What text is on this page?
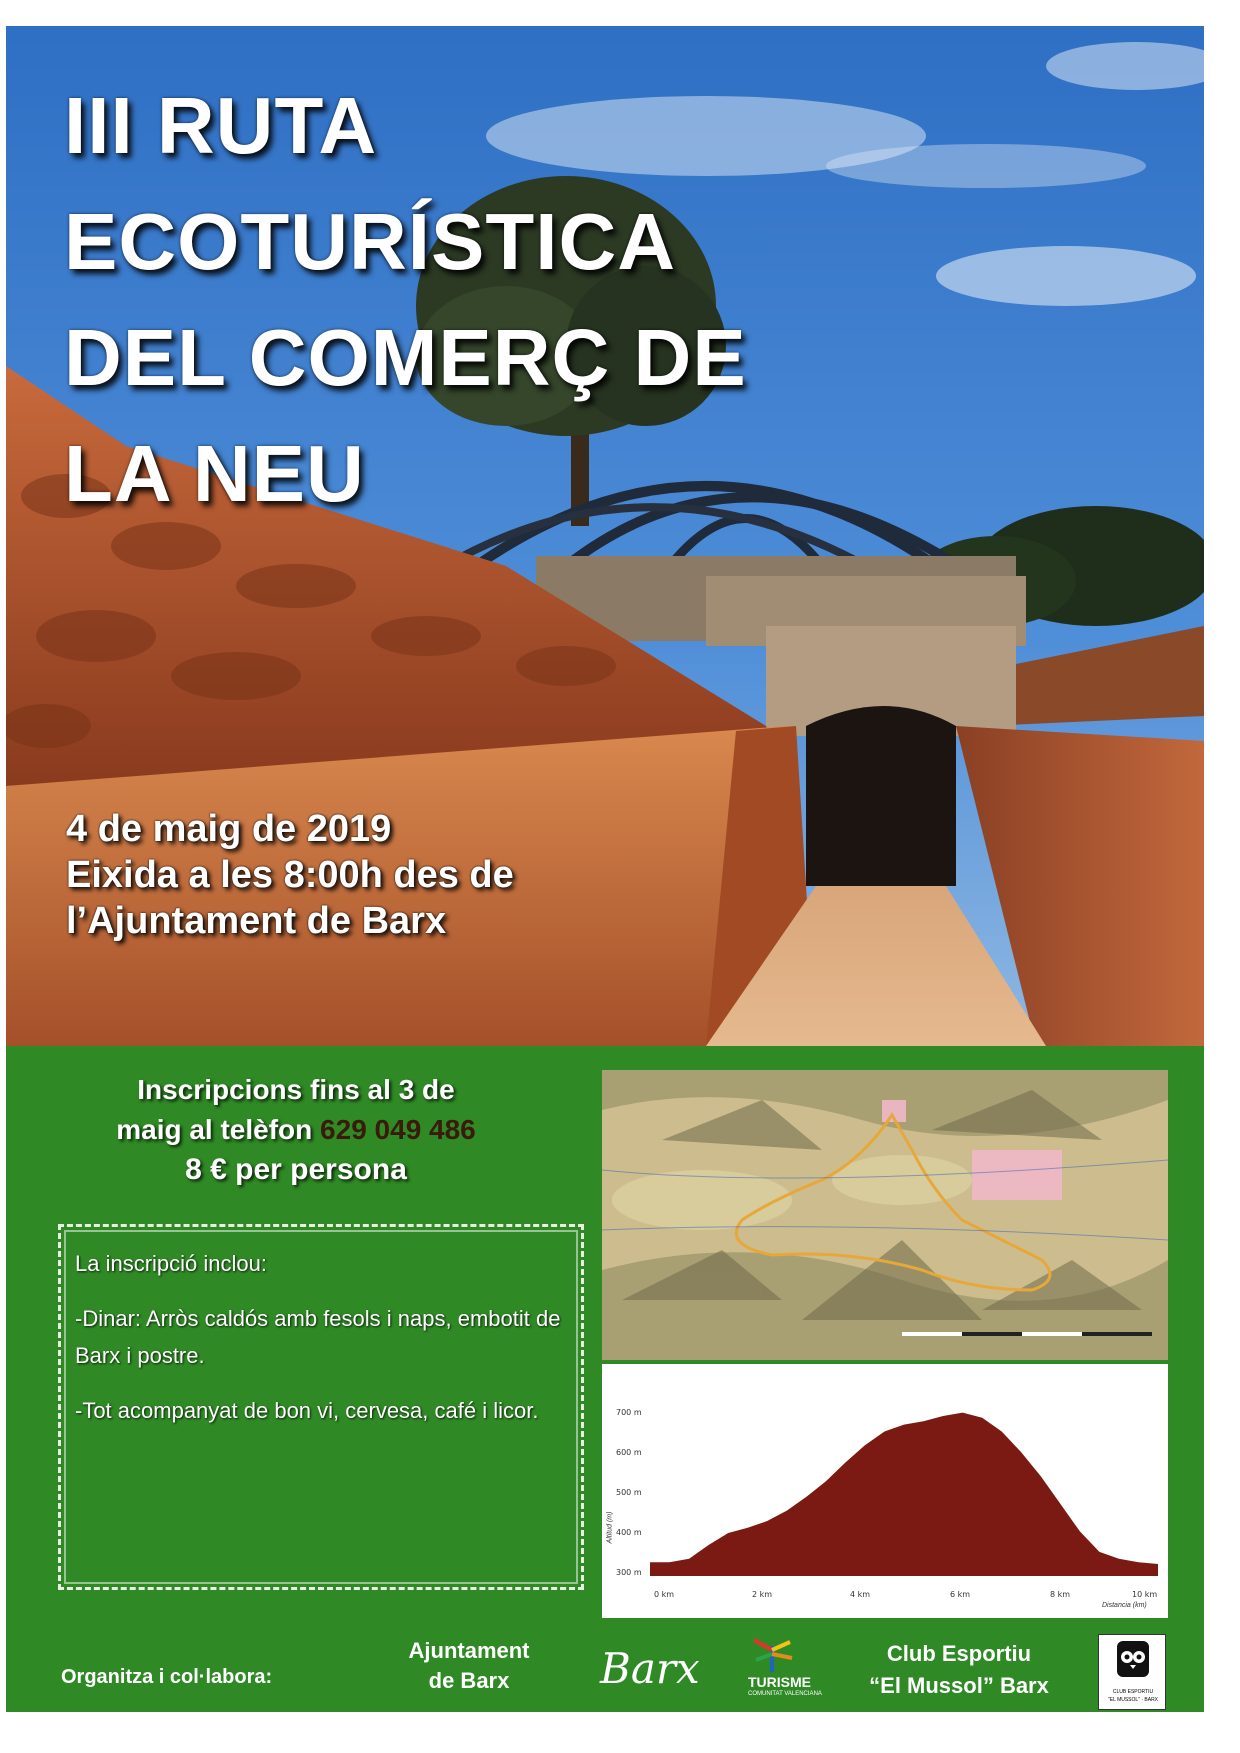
III RUTA
ECOTURÍSTICA
DEL COMERÇ DE
LA NEU
4 de maig de 2019
Eixida a les 8:00h des de
l’Ajuntament de Barx
Inscripcions fins al 3 de
maig al telèfon 629 049 486
8 € per persona

La inscripció inclou:

-Dinar: Arròs caldós amb fesols i naps, embotit de Barx i postre.

-Tot acompanyat de bon vi, cervesa, café i licor.	700 m
600 m
500 m
400 m
300 m
Altitud (m)
0 km	2 km	4 km	6 km	8 km	10 km
Distancia (km)
Organitza i col·labora:
Ajuntament
de Barx	Barx	TURISME
COMUNITAT VALENCIANA
Club Esportiu
“El Mussol” Barx	CLUB ESPORTIU
"EL MUSSOL" · BARX
